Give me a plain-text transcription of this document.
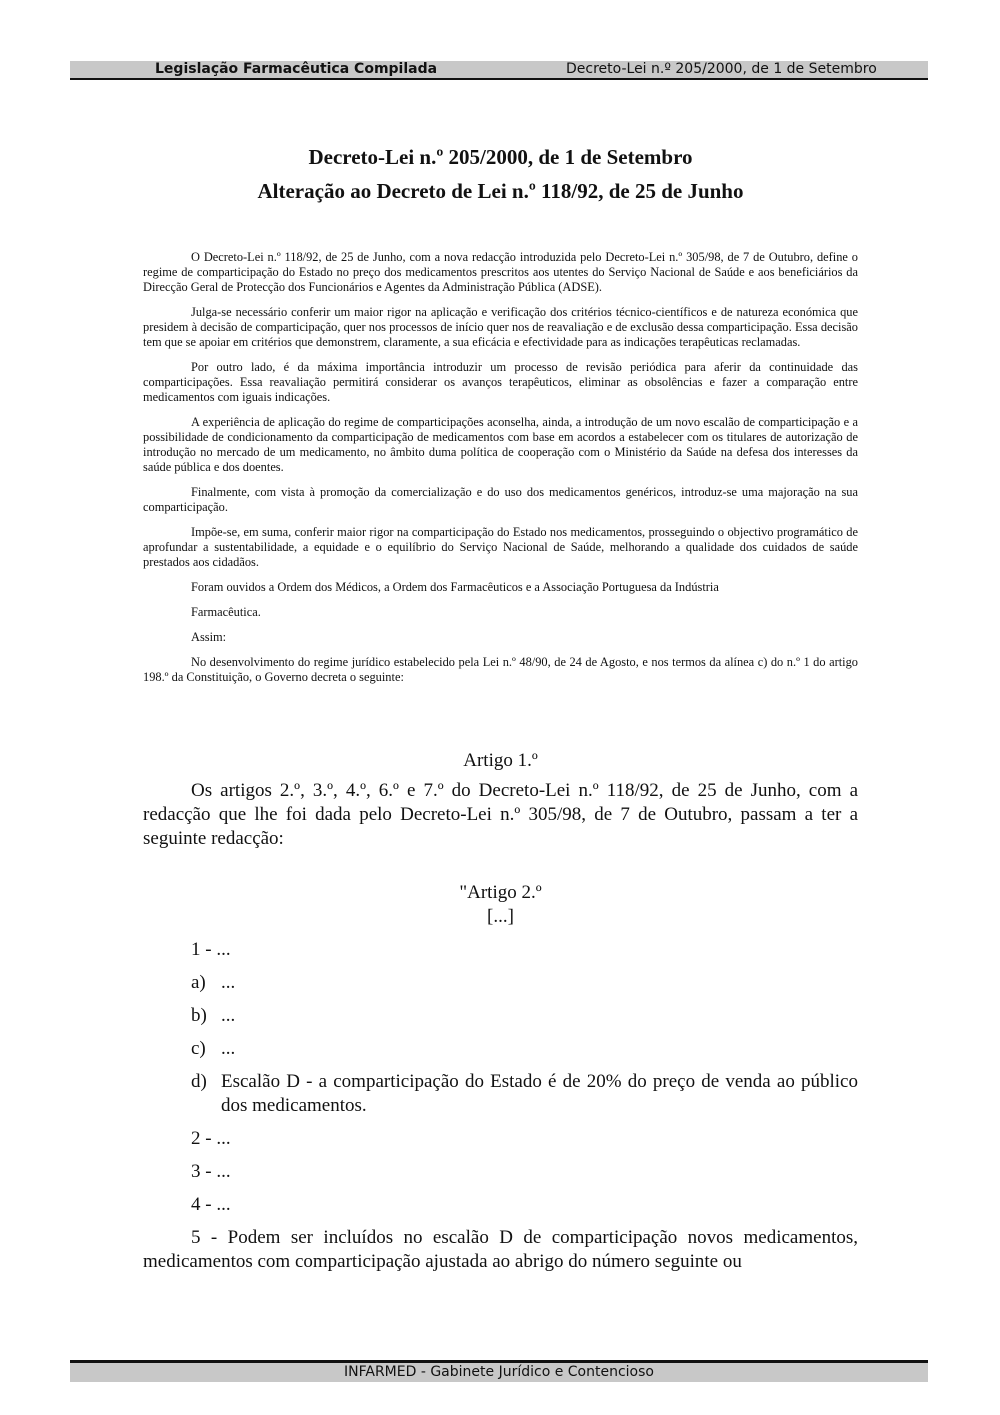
Legislação Farmacêutica Compilada	Decreto-Lei n.º 205/2000, de 1 de Setembro
Decreto-Lei n.º 205/2000, de 1 de Setembro
Alteração ao Decreto de Lei n.º 118/92, de 25 de Junho

O Decreto-Lei n.º 118/92, de 25 de Junho, com a nova redacção introduzida pelo Decreto-Lei n.º 305/98, de 7 de Outubro, define o regime de comparticipação do Estado no preço dos medicamentos prescritos aos utentes do Serviço Nacional de Saúde e aos beneficiários da Direcção Geral de Protecção dos Funcionários e Agentes da Administração Pública (ADSE).

Julga-se necessário conferir um maior rigor na aplicação e verificação dos critérios técnico-científicos e de natureza económica que presidem à decisão de comparticipação, quer nos processos de início quer nos de reavaliação e de exclusão dessa comparticipação. Essa decisão tem que se apoiar em critérios que demonstrem, claramente, a sua eficácia e efectividade para as indicações terapêuticas reclamadas.

Por outro lado, é da máxima importância introduzir um processo de revisão periódica para aferir da continuidade das comparticipações. Essa reavaliação permitirá considerar os avanços terapêuticos, eliminar as obsolências e fazer a comparação entre medicamentos com iguais indicações.

A experiência de aplicação do regime de comparticipações aconselha, ainda, a introdução de um novo escalão de comparticipação e a possibilidade de condicionamento da comparticipação de medicamentos com base em acordos a estabelecer com os titulares de autorização de introdução no mercado de um medicamento, no âmbito duma política de cooperação com o Ministério da Saúde na defesa dos interesses da saúde pública e dos doentes.

Finalmente, com vista à promoção da comercialização e do uso dos medicamentos genéricos, introduz-se uma majoração na sua comparticipação.

Impõe-se, em suma, conferir maior rigor na comparticipação do Estado nos medicamentos, prosseguindo o objectivo programático de aprofundar a sustentabilidade, a equidade e o equilíbrio do Serviço Nacional de Saúde, melhorando a qualidade dos cuidados de saúde prestados aos cidadãos.

Foram ouvidos a Ordem dos Médicos, a Ordem dos Farmacêuticos e a Associação Portuguesa da Indústria

Farmacêutica.

Assim:

No desenvolvimento do regime jurídico estabelecido pela Lei n.º 48/90, de 24 de Agosto, e nos termos da alínea c) do n.º 1 do artigo 198.º da Constituição, o Governo decreta o seguinte:

Artigo 1.º

Os artigos 2.º, 3.º, 4.º, 6.º e 7.º do Decreto-Lei n.º 118/92, de 25 de Junho, com a redacção que lhe foi dada pelo Decreto-Lei n.º 305/98, de 7 de Outubro, passam a ter a seguinte redacção:

"Artigo 2.º
[...]
1 - ...
a) ...
b) ...
c) ...
d) Escalão D - a comparticipação do Estado é de 20% do preço de venda ao público dos medicamentos.
2 - ...
3 - ...
4 - ...

5 - Podem ser incluídos no escalão D de comparticipação novos medicamentos, medicamentos com comparticipação ajustada ao abrigo do número seguinte ou

INFARMED - Gabinete Jurídico e Contencioso
